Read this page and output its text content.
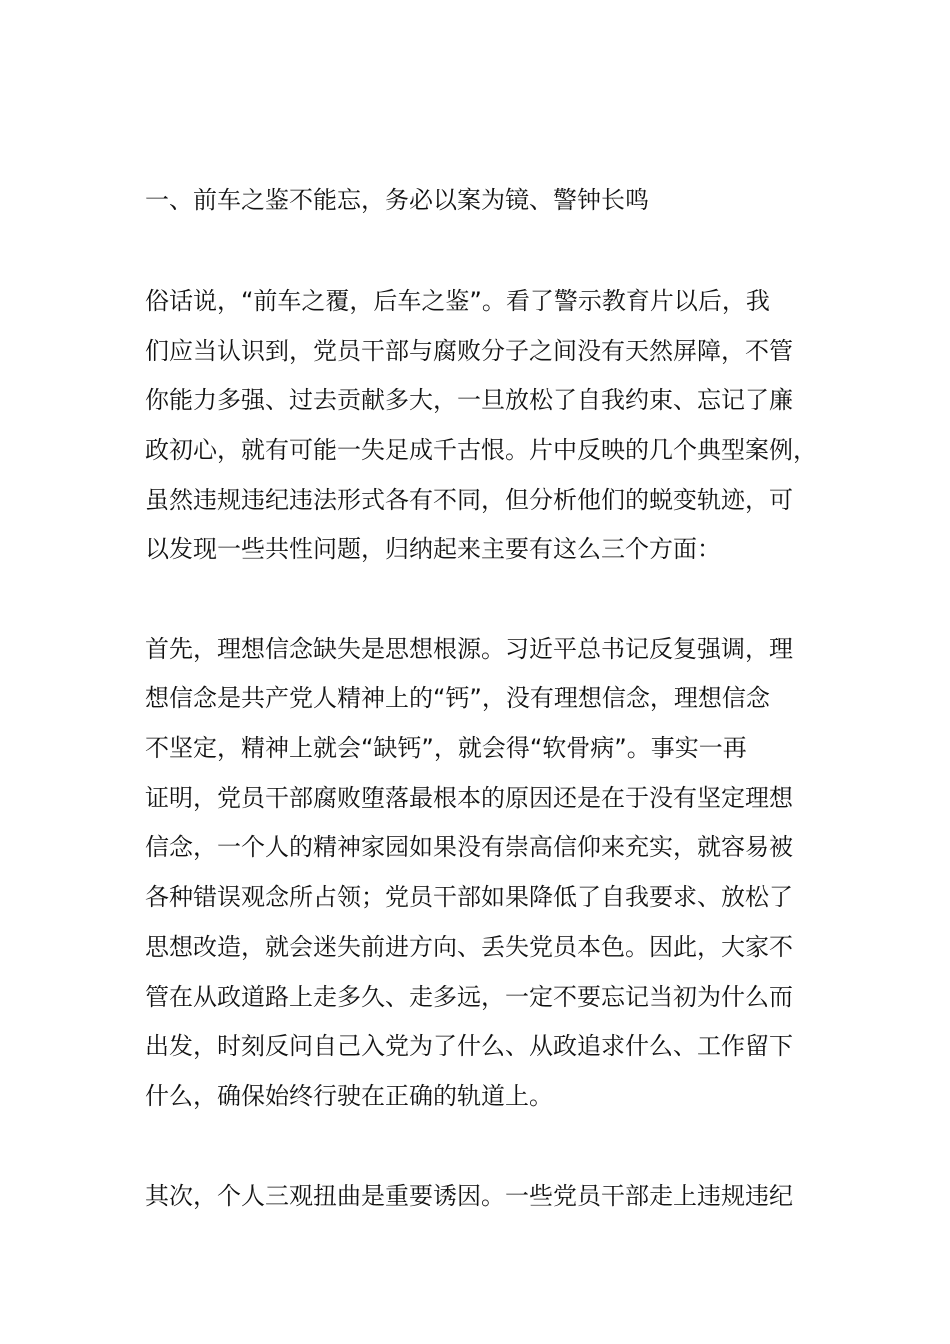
一、前车之鉴不能忘，务必以案为镜、警钟长鸣

俗话说，“前车之覆，后车之鉴”。看了警示教育片以后，我

们应当认识到，党员干部与腐败分子之间没有天然屏障，不管

你能力多强、过去贡献多大，一旦放松了自我约束、忘记了廉

政初心，就有可能一失足成千古恨。片中反映的几个典型案例，

虽然违规违纪违法形式各有不同，但分析他们的蜕变轨迹，可

以发现一些共性问题，归纳起来主要有这么三个方面：

首先，理想信念缺失是思想根源。习近平总书记反复强调，理

想信念是共产党人精神上的“钙”，没有理想信念，理想信念

不坚定，精神上就会“缺钙”，就会得“软骨病”。事实一再

证明，党员干部腐败堕落最根本的原因还是在于没有坚定理想

信念，一个人的精神家园如果没有崇高信仰来充实，就容易被

各种错误观念所占领；党员干部如果降低了自我要求、放松了

思想改造，就会迷失前进方向、丢失党员本色。因此，大家不

管在从政道路上走多久、走多远，一定不要忘记当初为什么而

出发，时刻反问自己入党为了什么、从政追求什么、工作留下

什么，确保始终行驶在正确的轨道上。

其次，个人三观扭曲是重要诱因。一些党员干部走上违规违纪
